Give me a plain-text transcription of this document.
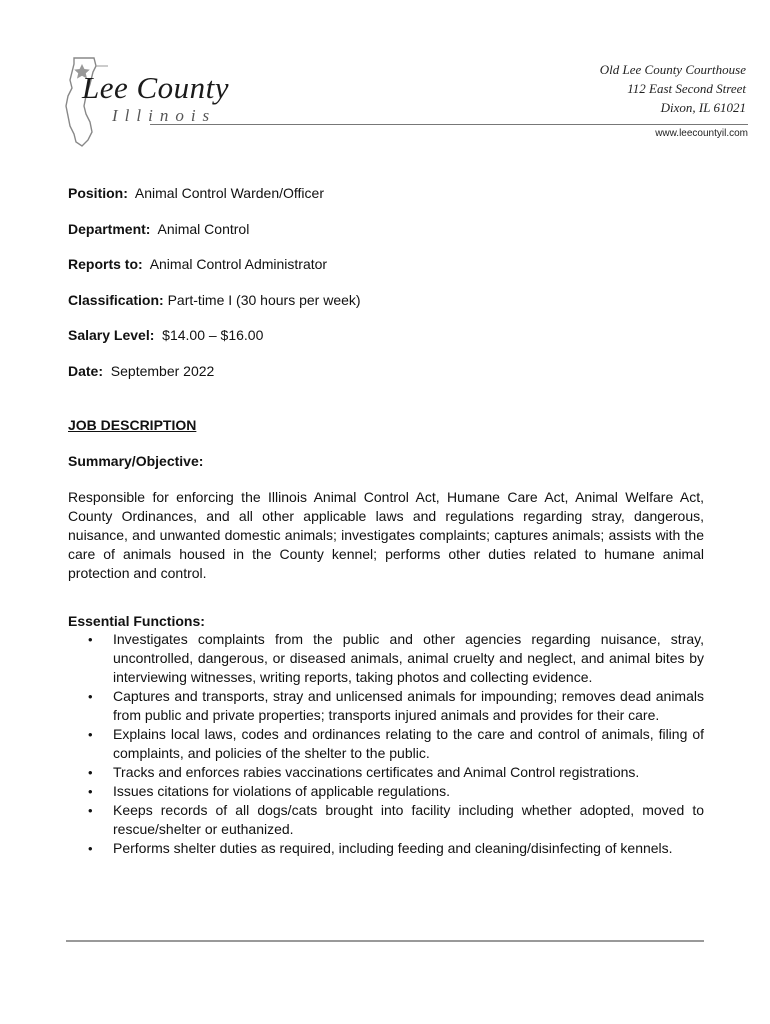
Lee County
Illinois
Old Lee County Courthouse
112 East Second Street
Dixon, IL 61021
www.leecountyil.com
Position: Animal Control Warden/Officer
Department: Animal Control
Reports to: Animal Control Administrator
Classification: Part-time I (30 hours per week)
Salary Level: $14.00 – $16.00
Date: September 2022
JOB DESCRIPTION
Summary/Objective:

Responsible for enforcing the Illinois Animal Control Act, Humane Care Act, Animal Welfare Act, County Ordinances, and all other applicable laws and regulations regarding stray, dangerous, nuisance, and unwanted domestic animals; investigates complaints; captures animals; assists with the care of animals housed in the County kennel; performs other duties related to humane animal protection and control.

Essential Functions:
• Investigates complaints from the public and other agencies regarding nuisance, stray, uncontrolled, dangerous, or diseased animals, animal cruelty and neglect, and animal bites by interviewing witnesses, writing reports, taking photos and collecting evidence.
• Captures and transports, stray and unlicensed animals for impounding; removes dead animals from public and private properties; transports injured animals and provides for their care.
• Explains local laws, codes and ordinances relating to the care and control of animals, filing of complaints, and policies of the shelter to the public.
• Tracks and enforces rabies vaccinations certificates and Animal Control registrations.
• Issues citations for violations of applicable regulations.
• Keeps records of all dogs/cats brought into facility including whether adopted, moved to rescue/shelter or euthanized.
• Performs shelter duties as required, including feeding and cleaning/disinfecting of kennels.
